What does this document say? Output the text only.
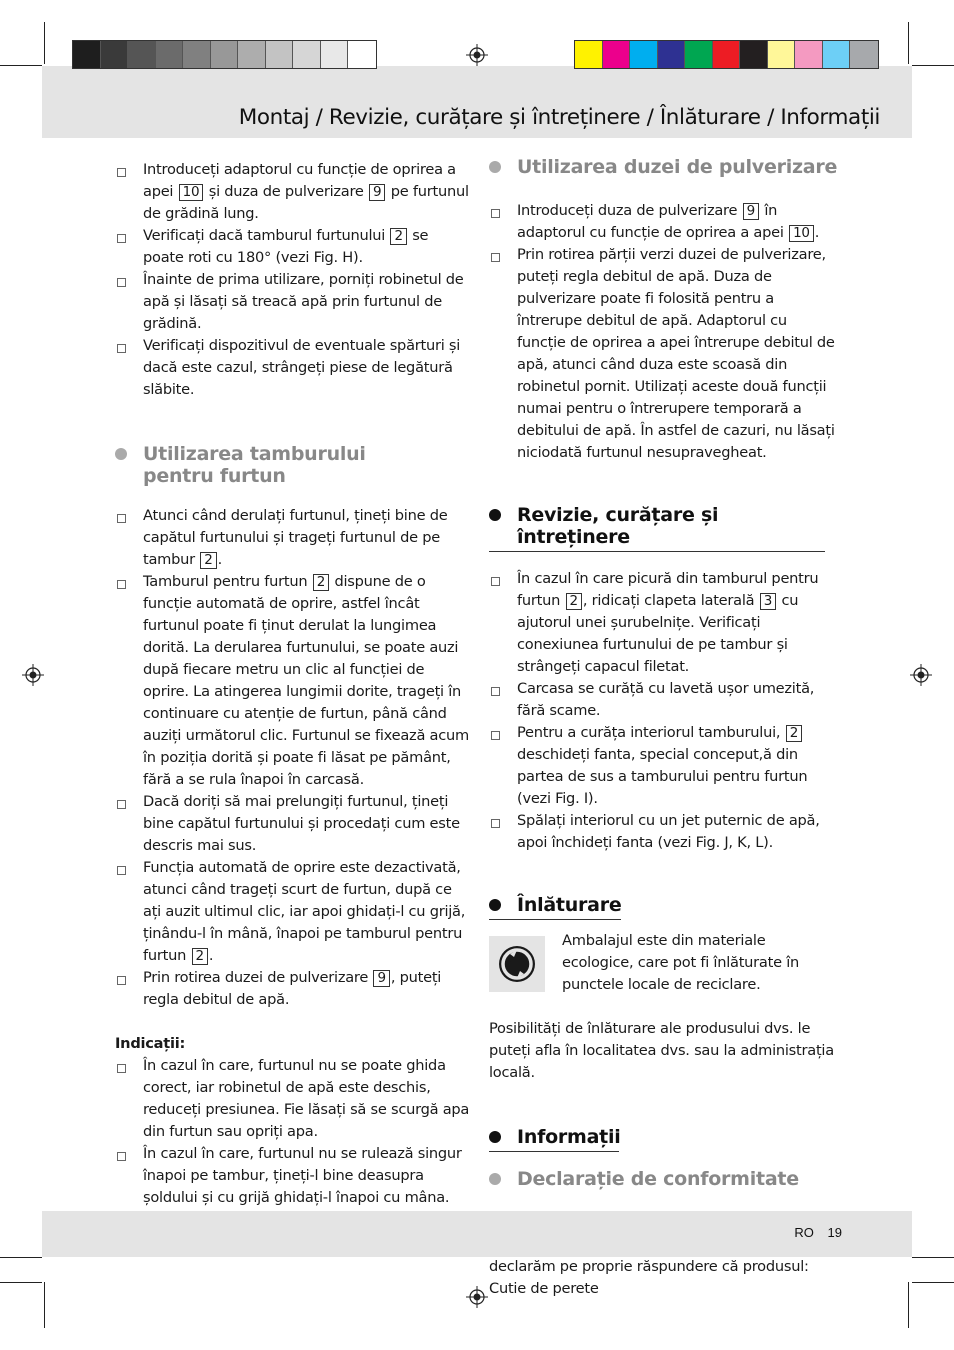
Montaj / Revizie, curățare și întreținere / Înlăturare / Informații
Introduceți adaptorul cu funcție de oprirea a apei 10 și duza de pulverizare 9 pe furtunul de grădină lung.
Verificați dacă tamburul furtunului 2 se poate roti cu 180° (vezi Fig. H).
Înainte de prima utilizare, porniți robinetul de apă și lăsați să treacă apă prin furtunul de grădină.
Verificați dispozitivul de eventuale spărturi și dacă este cazul, strângeți piese de legătură slăbite.
Utilizarea tamburului pentru furtun
Atunci când derulați furtunul, țineți bine de capătul furtunului și trageți furtunul de pe tambur 2 .
Tamburul pentru furtun 2 dispune de o funcție automată de oprire, astfel încât furtunul poate fi ținut derulat la lungimea dorită. La derularea furtunului, se poate auzi după fiecare metru un clic al funcției de oprire. La atingerea lungimii dorite, trageți în continuare cu atenție de furtun, până când auziți următorul clic. Furtunul se fixează acum în poziția dorită și poate fi lăsat pe pământ, fără a se rula înapoi în carcasă.
Dacă doriți să mai prelungiți furtunul, țineți bine capătul furtunului și procedați cum este descris mai sus.
Funcția automată de oprire este dezactivată, atunci când trageți scurt de furtun, după ce ați auzit ultimul clic, iar apoi ghidați-l cu grijă, ținându-l în mână, înapoi pe tamburul pentru furtun 2 .
Prin rotirea duzei de pulverizare 9 , puteți regla debitul de apă.
Indicații:
În cazul în care, furtunul nu se poate ghida corect, iar robinetul de apă este deschis, reduceți presiunea. Fie lăsați să se scurgă apa din furtun sau opriți apa.
În cazul în care, furtunul nu se rulează singur înapoi pe tambur, țineți-l bine deasupra șoldului și cu grijă ghidați-l înapoi cu mâna.
Utilizarea duzei de pulverizare
Introduceți duza de pulverizare 9 în adaptorul cu funcție de oprirea a apei 10 .
Prin rotirea părții verzi duzei de pulverizare, puteți regla debitul de apă. Duza de pulverizare poate fi folosită pentru a întrerupe debitul de apă. Adaptorul cu funcție de oprirea a apei întrerupe debitul de apă, atunci când duza este scoasă din robinetul pornit. Utilizați aceste două funcții numai pentru o întrerupere temporară a debitului de apă. În astfel de cazuri, nu lăsați niciodată furtunul nesupravegheat.
Revizie, curățare și întreținere
În cazul în care picură din tamburul pentru furtun 2 , ridicați clapeta laterală 3 cu ajutorul unei șurubelnițe. Verificați conexiunea furtunului de pe tambur și strângeți capacul filetat.
Carcasa se curăță cu lavetă ușor umezită, fără scame.
Pentru a curăța interiorul tamburului, 2 deschideți fanta, special conceput,ă din partea de sus a tamburului pentru furtun (vezi Fig. I).
Spălați interiorul cu un jet puternic de apă, apoi închideți fanta (vezi Fig. J, K, L).
Înlăturare
Ambalajul este din materiale ecologice, care pot fi înlăturate în punctele locale de reciclare.

Posibilități de înlăturare ale produsului dvs. le puteți afla în localitatea dvs. sau la administrația locală.

Informații
Declarație de conformitate

declarăm pe proprie răspundere că produsul: Cutie de perete

RO 19
